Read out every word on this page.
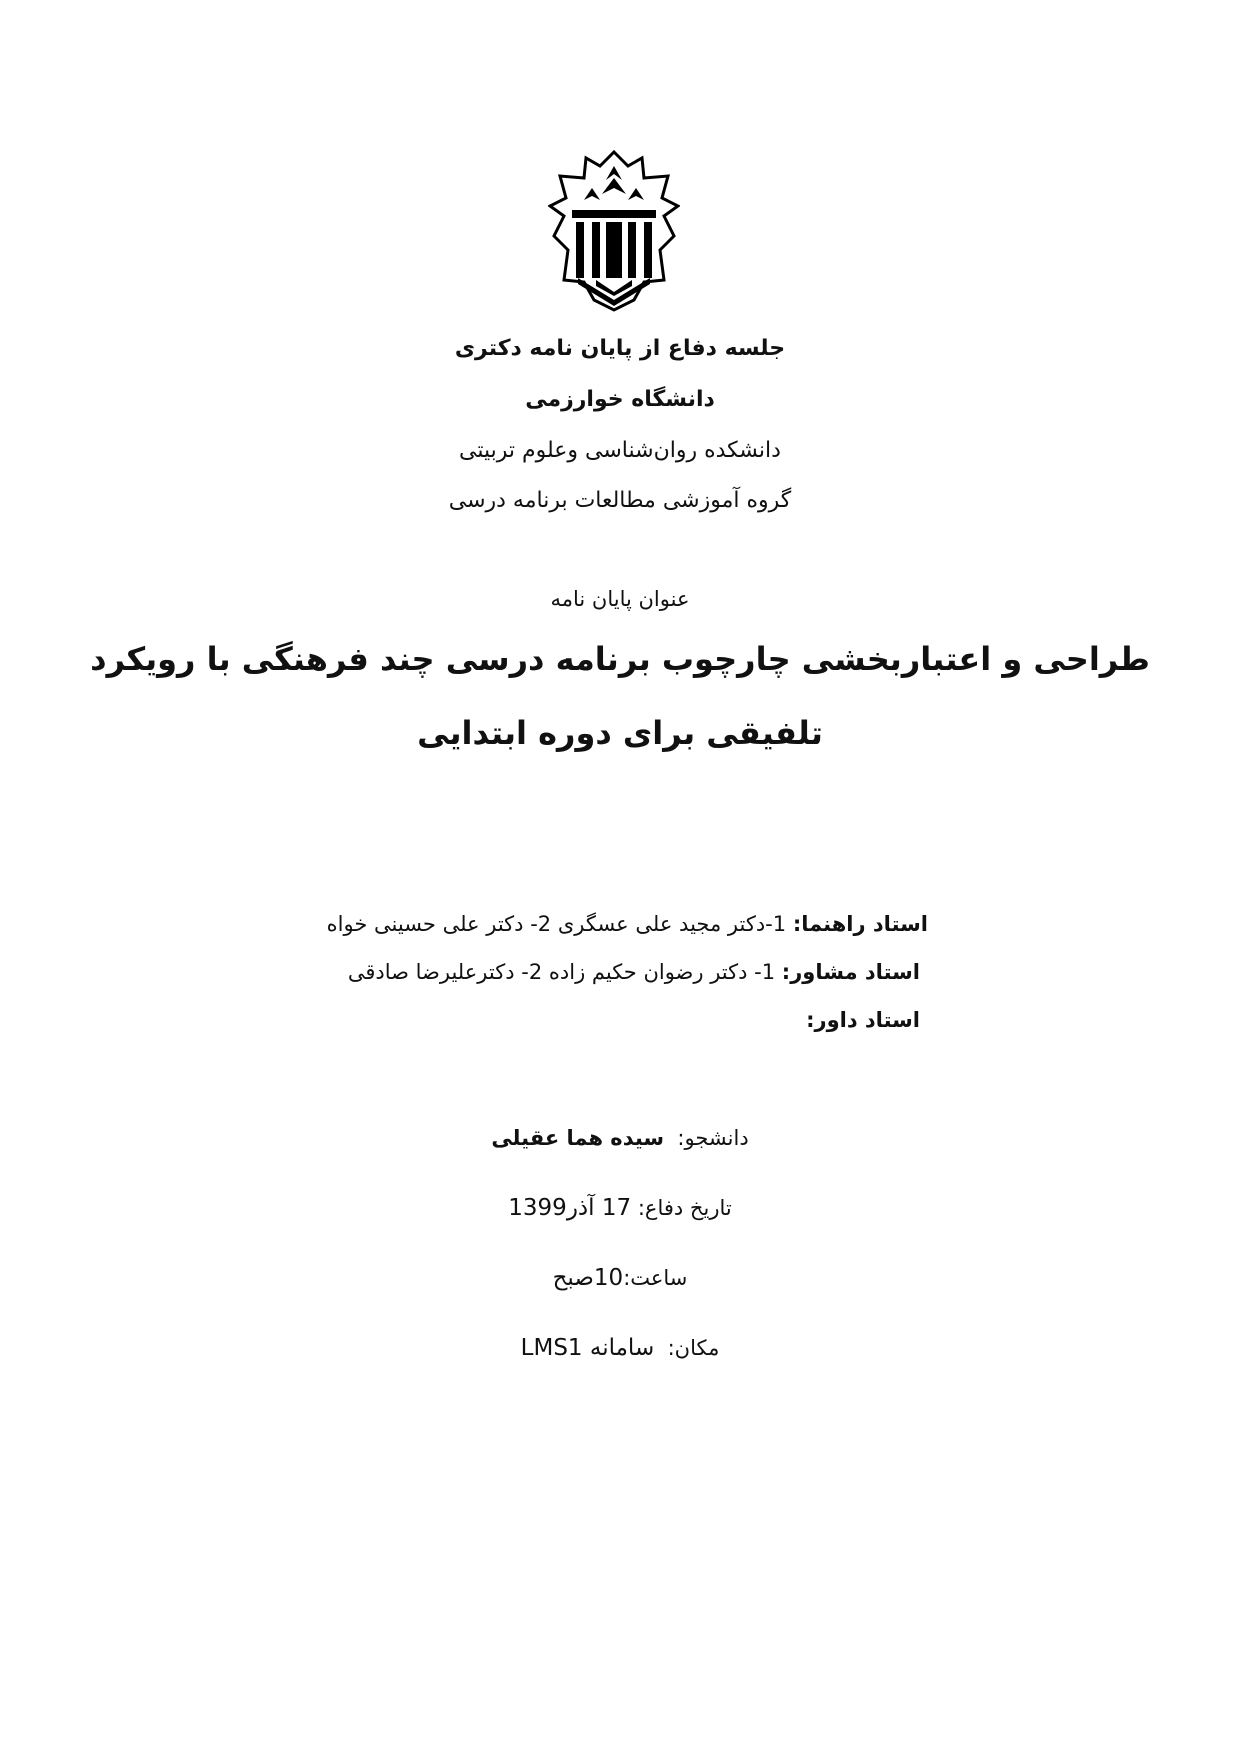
جلسه دفاع از پایان نامه دکتری
دانشگاه خوارزمی
دانشکده روان‌شناسی وعلوم تربیتی
گروه آموزشی مطالعات برنامه درسی
عنوان پایان نامه
طراحی و اعتباربخشی چارچوب برنامه درسی چند فرهنگی با رویکرد
تلفیقی برای دوره ابتدایی
استاد راهنما: 1-دکتر مجید علی عسگری 2- دکتر علی حسینی خواه
استاد مشاور: 1- دکتر رضوان حکیم زاده 2- دکترعلیرضا صادقی
استاد داور:
دانشجو:  سیده هما عقیلی
تاریخ دفاع: 17 آذر1399
ساعت:10صبح
مکان:  سامانه LMS1
